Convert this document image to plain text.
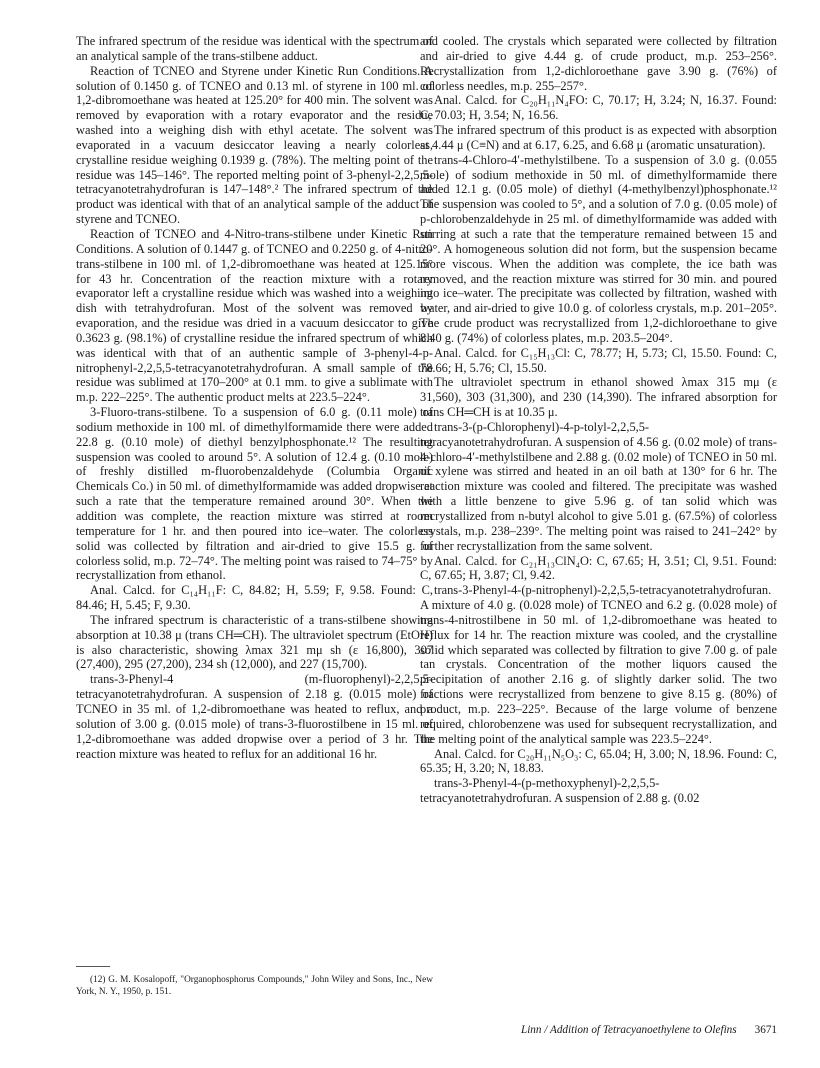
The infrared spectrum of the residue was identical with the spectrum of an analytical sample of the trans-stilbene adduct.

Reaction of TCNEO and Styrene under Kinetic Run Conditions. A solution of 0.1450 g. of TCNEO and 0.13 ml. of styrene in 100 ml. of 1,2-dibromoethane was heated at 125.20° for 400 min. The solvent was removed by evaporation with a rotary evaporator and the residue washed into a weighing dish with ethyl acetate. The solvent was evaporated in a vacuum desiccator leaving a nearly colorless, crystalline residue weighing 0.1939 g. (78%). The melting point of the residue was 145–146°. The reported melting point of 3-phenyl-2,2,5,5-tetracyanotetrahydrofuran is 147–148°.² The infrared spectrum of the product was identical with that of an analytical sample of the adduct of styrene and TCNEO.

Reaction of TCNEO and 4-Nitro-trans-stilbene under Kinetic Run Conditions. A solution of 0.1447 g. of TCNEO and 0.2250 g. of 4-nitro-trans-stilbene in 100 ml. of 1,2-dibromoethane was heated at 125.15° for 43 hr. Concentration of the reaction mixture with a rotary evaporator left a crystalline residue which was washed into a weighing dish with tetrahydrofuran. Most of the solvent was removed by evaporation, and the residue was dried in a vacuum desiccator to give 0.3623 g. (98.1%) of crystalline residue the infrared spectrum of which was identical with that of an authentic sample of 3-phenyl-4-p-nitrophenyl-2,2,5,5-tetracyanotetrahydrofuran. A small sample of the residue was sublimed at 170–200° at 0.1 mm. to give a sublimate with m.p. 222–225°. The authentic product melts at 223.5–224°.

3-Fluoro-trans-stilbene. To a suspension of 6.0 g. (0.11 mole) of sodium methoxide in 100 ml. of dimethylformamide there were added 22.8 g. (0.10 mole) of diethyl benzylphosphonate.¹² The resulting suspension was cooled to around 5°. A solution of 12.4 g. (0.10 mole) of freshly distilled m-fluorobenzaldehyde (Columbia Organic Chemicals Co.) in 50 ml. of dimethylformamide was added dropwise at such a rate that the temperature remained around 30°. When the addition was complete, the reaction mixture was stirred at room temperature for 1 hr. and then poured into ice–water. The colorless solid was collected by filtration and air-dried to give 15.5 g. of colorless solid, m.p. 72–74°. The melting point was raised to 74–75° by recrystallization from ethanol.

Anal. Calcd. for C₁₄H₁₁F: C, 84.82; H, 5.59; F, 9.58. Found: C, 84.46; H, 5.45; F, 9.30.

The infrared spectrum is characteristic of a trans-stilbene showing absorption at 10.38 μ (trans CH═CH). The ultraviolet spectrum (EtOH) is also characteristic, showing λmax 321 mμ sh (ε 16,800), 307 (27,400), 295 (27,200), 234 sh (12,000), and 227 (15,700).

trans-3-Phenyl-4 (m-fluorophenyl)-2,2,5,5-tetracyanotetrahydrofuran. A suspension of 2.18 g. (0.015 mole) of TCNEO in 35 ml. of 1,2-dibromoethane was heated to reflux, and a solution of 3.00 g. (0.015 mole) of trans-3-fluorostilbene in 15 ml. of 1,2-dibromoethane was added dropwise over a period of 3 hr. The reaction mixture was heated to reflux for an additional 16 hr.

and cooled. The crystals which separated were collected by filtration and air-dried to give 4.44 g. of crude product, m.p. 253–256°. Recrystallization from 1,2-dichloroethane gave 3.90 g. (76%) of colorless needles, m.p. 255–257°.

Anal. Calcd. for C₂₀H₁₁N₄FO: C, 70.17; H, 3.24; N, 16.37. Found: C, 70.03; H, 3.54; N, 16.56.

The infrared spectrum of this product is as expected with absorption at 4.44 μ (C≡N) and at 6.17, 6.25, and 6.68 μ (aromatic unsaturation).

trans-4-Chloro-4′-methylstilbene. To a suspension of 3.0 g. (0.055 mole) of sodium methoxide in 50 ml. of dimethylformamide there added 12.1 g. (0.05 mole) of diethyl (4-methylbenzyl)phosphonate.¹² The suspension was cooled to 5°, and a solution of 7.0 g. (0.05 mole) of p-chlorobenzaldehyde in 25 ml. of dimethylformamide was added with stirring at such a rate that the temperature remained between 15 and 20°. A homogeneous solution did not form, but the suspension became more viscous. When the addition was complete, the ice bath was removed, and the reaction mixture was stirred for 30 min. and poured into ice–water. The precipitate was collected by filtration, washed with water, and air-dried to give 10.0 g. of colorless crystals, m.p. 201–205°. The crude product was recrystallized from 1,2-dichloroethane to give 8.40 g. (74%) of colorless plates, m.p. 203.5–204°.

Anal. Calcd. for C₁₅H₁₃Cl: C, 78.77; H, 5.73; Cl, 15.50. Found: C, 78.66; H, 5.76; Cl, 15.50.

The ultraviolet spectrum in ethanol showed λmax 315 mμ (ε 31,560), 303 (31,300), and 230 (14,390). The infrared absorption for trans CH═CH is at 10.35 μ.

trans-3-(p-Chlorophenyl)-4-p-tolyl-2,2,5,5-tetracyanotetrahydrofuran. A suspension of 4.56 g. (0.02 mole) of trans-4-chloro-4′-methylstilbene and 2.88 g. (0.02 mole) of TCNEO in 50 ml. of xylene was stirred and heated in an oil bath at 130° for 6 hr. The reaction mixture was cooled and filtered. The precipitate was washed with a little benzene to give 5.96 g. of tan solid which was recrystallized from n-butyl alcohol to give 5.01 g. (67.5%) of colorless crystals, m.p. 238–239°. The melting point was raised to 241–242° by further recrystallization from the same solvent.

Anal. Calcd. for C₂₁H₁₃ClN₄O: C, 67.65; H, 3.51; Cl, 9.51. Found: C, 67.65; H, 3.87; Cl, 9.42.

trans-3-Phenyl-4-(p-nitrophenyl)-2,2,5,5-tetracyanotetrahydrofuran. A mixture of 4.0 g. (0.028 mole) of TCNEO and 6.2 g. (0.028 mole) of trans-4-nitrostilbene in 50 ml. of 1,2-dibromoethane was heated to reflux for 14 hr. The reaction mixture was cooled, and the crystalline solid which separated was collected by filtration to give 7.00 g. of pale tan crystals. Concentration of the mother liquors caused the precipitation of another 2.16 g. of slightly darker solid. The two fractions were recrystallized from benzene to give 8.15 g. (80%) of product, m.p. 223–225°. Because of the large volume of benzene required, chlorobenzene was used for subsequent recrystallization, and the melting point of the analytical sample was 223.5–224°.

Anal. Calcd. for C₂₀H₁₁N₅O₃: C, 65.04; H, 3.00; N, 18.96. Found: C, 65.35; H, 3.20; N, 18.83.

trans-3-Phenyl-4-(p-methoxyphenyl)-2,2,5,5-tetracyanotetrahydrofuran. A suspension of 2.88 g. (0.02

(12) G. M. Kosalopoff, "Organophosphorus Compounds," John Wiley and Sons, Inc., New York, N. Y., 1950, p. 151.

Linn / Addition of Tetracyanoethylene to Olefins 3671
